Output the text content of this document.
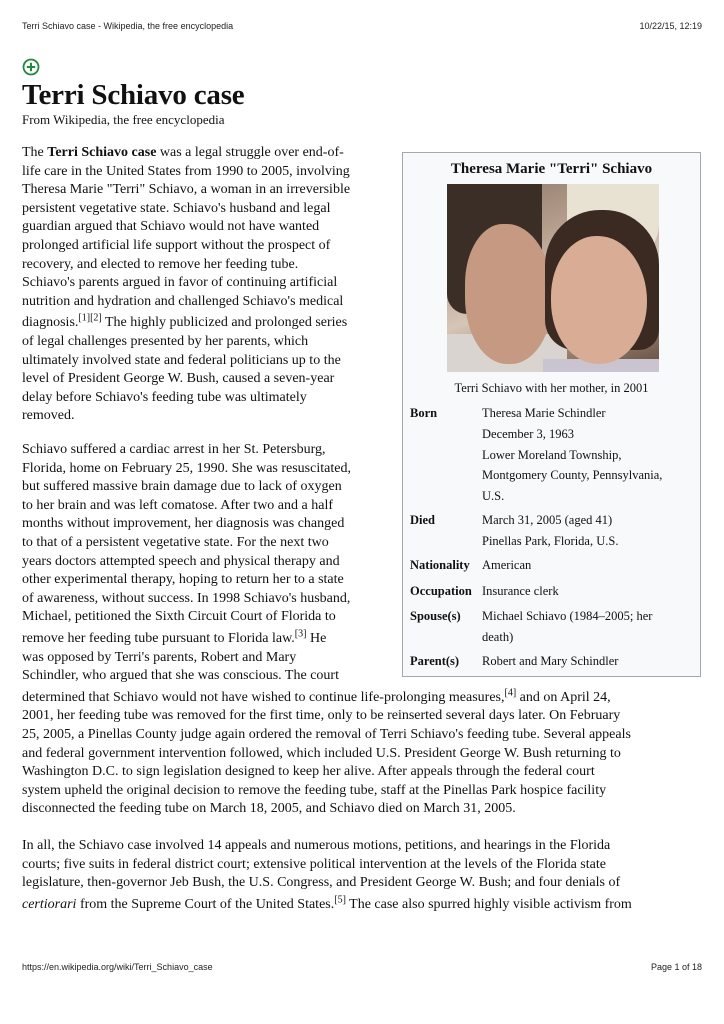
Terri Schiavo case - Wikipedia, the free encyclopedia	10/22/15, 12:19
Terri Schiavo case
From Wikipedia, the free encyclopedia
The Terri Schiavo case was a legal struggle over end-of-
life care in the United States from 1990 to 2005, involving
Theresa Marie "Terri" Schiavo, a woman in an irreversible
persistent vegetative state. Schiavo's husband and legal
guardian argued that Schiavo would not have wanted
prolonged artificial life support without the prospect of
recovery, and elected to remove her feeding tube.
Schiavo's parents argued in favor of continuing artificial
nutrition and hydration and challenged Schiavo's medical
diagnosis.[1][2] The highly publicized and prolonged series
of legal challenges presented by her parents, which
ultimately involved state and federal politicians up to the
level of President George W. Bush, caused a seven-year
delay before Schiavo's feeding tube was ultimately
removed.
Schiavo suffered a cardiac arrest in her St. Petersburg,
Florida, home on February 25, 1990. She was resuscitated,
but suffered massive brain damage due to lack of oxygen
to her brain and was left comatose. After two and a half
months without improvement, her diagnosis was changed
to that of a persistent vegetative state. For the next two
years doctors attempted speech and physical therapy and
other experimental therapy, hoping to return her to a state
of awareness, without success. In 1998 Schiavo's husband,
Michael, petitioned the Sixth Circuit Court of Florida to
remove her feeding tube pursuant to Florida law.[3] He
was opposed by Terri's parents, Robert and Mary
Schindler, who argued that she was conscious. The court
determined that Schiavo would not have wished to continue life-prolonging measures,[4] and on April 24,
2001, her feeding tube was removed for the first time, only to be reinserted several days later. On February
25, 2005, a Pinellas County judge again ordered the removal of Terri Schiavo's feeding tube. Several appeals
and federal government intervention followed, which included U.S. President George W. Bush returning to
Washington D.C. to sign legislation designed to keep her alive. After appeals through the federal court
system upheld the original decision to remove the feeding tube, staff at the Pinellas Park hospice facility
disconnected the feeding tube on March 18, 2005, and Schiavo died on March 31, 2005.
In all, the Schiavo case involved 14 appeals and numerous motions, petitions, and hearings in the Florida
courts; five suits in federal district court; extensive political intervention at the levels of the Florida state
legislature, then-governor Jeb Bush, the U.S. Congress, and President George W. Bush; and four denials of
certiorari from the Supreme Court of the United States.[5] The case also spurred highly visible activism from
Theresa Marie "Terri" Schiavo
Terri Schiavo with her mother, in 2001
Born	Theresa Marie Schindler
December 3, 1963
Lower Moreland Township,
Montgomery County, Pennsylvania,
U.S.
Died	March 31, 2005 (aged 41)
Pinellas Park, Florida, U.S.
Nationality American
Occupation Insurance clerk
Spouse(s) Michael Schiavo (1984–2005; her
death)
Parent(s) Robert and Mary Schindler
https://en.wikipedia.org/wiki/Terri_Schiavo_case	Page 1 of 18
